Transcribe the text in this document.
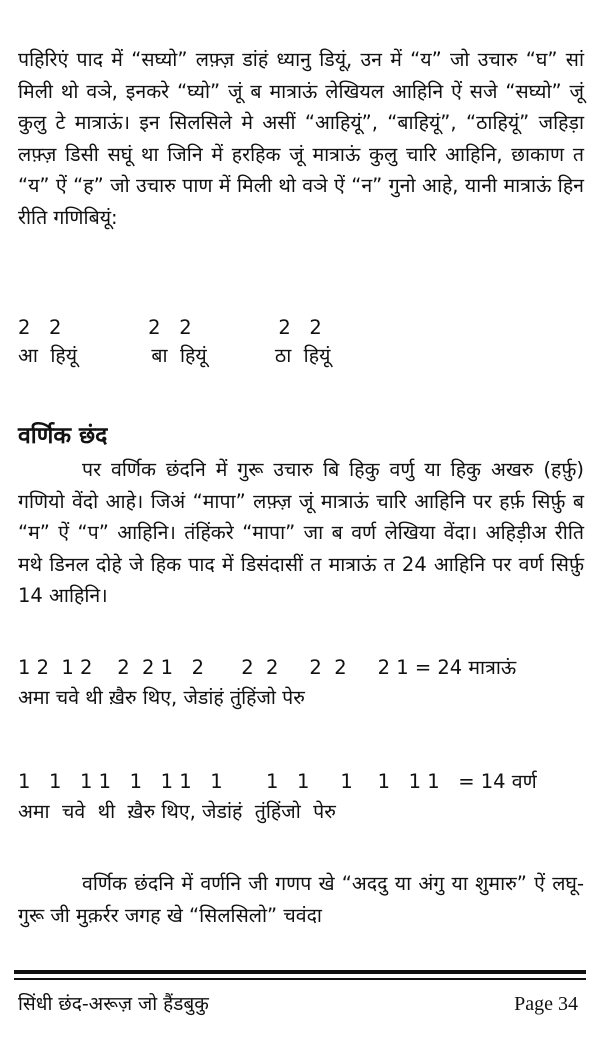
पहिरिएं पाद में “सघ्यो” लफ़्ज़ डांहं ध्यानु डियूं, उन में “य” जो उचारु “घ” सां मिली थो वञे, इनकरे “घ्यो” जूं ब मात्राऊं लेखियल आहिनि ऐं सजे “सघ्यो” जूं कुलु टे मात्राऊं। इन सिलसिले मे असीं “आहियूं”, “बाहियूं”, “ठाहियूं” जहिड़ा लफ़्ज़ डिसी सघूं था जिनि में हरहिक जूं मात्राऊं कुलु चारि आहिनि, छाकाण त “य” ऐं “ह” जो उचारु पाण में मिली थो वञे ऐं “न” गुनो आहे, यानी मात्राऊं हिन रीति गणिबियूं:

2   2              2   2              2   2

आ  हियूं            बा  हियूं           ठा  हियूं

वर्णिक छंद

पर वर्णिक छंदनि में गुरू उचारु बि हिकु वर्णु या हिकु अखरु (हर्फ़ु) गणियो वेंदो आहे। जिअं “मापा” लफ़्ज़ जूं मात्राऊं चारि आहिनि पर हर्फ़ सिर्फ़ु ब “म” ऐं “प” आहिनि। तंहिंकरे “मापा” जा ब वर्ण लेखिया वेंदा। अहिड़ीअ रीति मथे डिनल दोहे जे हिक पाद में डिसंदासीं त मात्राऊं त 24 आहिनि पर वर्ण सिर्फ़ु 14 आहिनि।

1 2  1 2    2  2 1   2      2  2     2  2     2 1 = 24 मात्राऊं

अमा चवे थी ख़ैरु थिए, जेडांहं तुंहिंजो पेरु

1   1   1 1   1   1 1   1       1   1     1    1   1 1   = 14 वर्ण

अमा  चवे  थी  ख़ैरु थिए, जेडांहं  तुंहिंजो  पेरु

वर्णिक छंदनि में वर्णनि जी गणप खे “अददु या अंगु या शुमारु” ऐं लघू-गुरू जी मुक़र्रर जगह खे “सिलसिलो” चवंदा

सिंधी छंद-अरूज़ जो हैंडबुकु	Page 34
